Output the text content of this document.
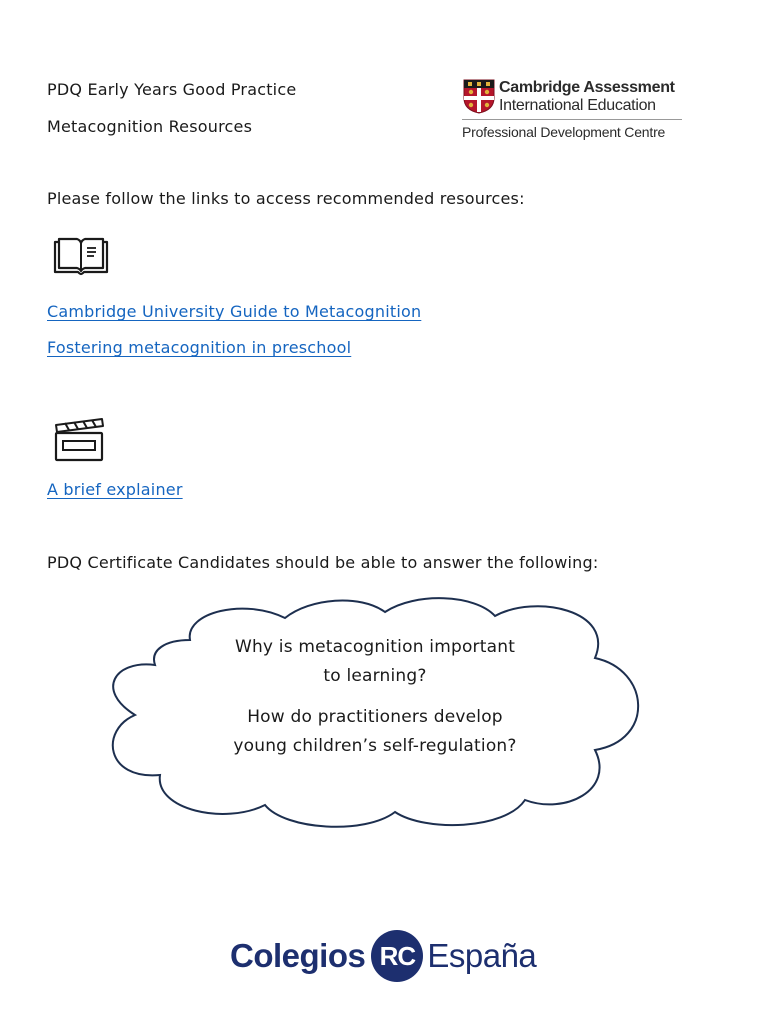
PDQ Early Years Good Practice
Metacognition Resources
Cambridge Assessment
International Education
Professional Development Centre
Please follow the links to access recommended resources:
Cambridge University Guide to Metacognition
Fostering metacognition in preschool
A brief explainer
PDQ Certificate Candidates should be able to answer the following:
Why is metacognition important
to learning?
How do practitioners develop
young children’s self-regulation?
Colegios RC España
